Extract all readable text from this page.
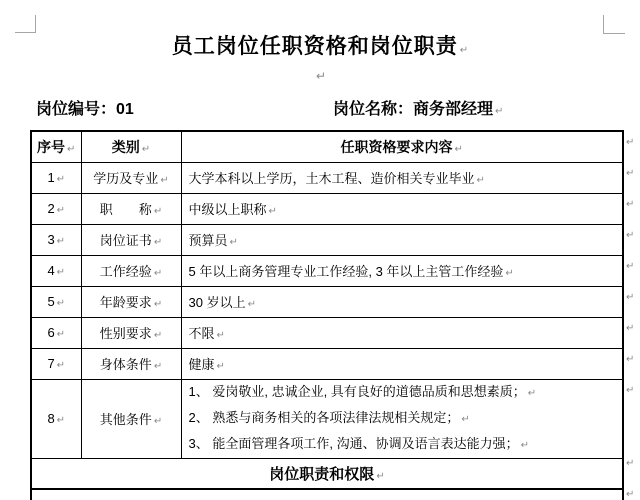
员工岗位任职资格和岗位职责 ↵
↵
岗位编号：01	岗位名称：商务部经理 ↵
序号 ↵	类别 ↵	任职资格要求内容 ↵
1 ↵	学历及专业 ↵	大学本科以上学历，土木工程、造价相关专业毕业 ↵
2 ↵	职　　称 ↵	中级以上职称 ↵
3 ↵	岗位证书 ↵	预算员 ↵
4 ↵	工作经验 ↵	5 年以上商务管理专业工作经验, 3 年以上主管工作经验 ↵
5 ↵	年龄要求 ↵	30 岁以上 ↵
6 ↵	性别要求 ↵	不限 ↵
7 ↵	身体条件 ↵	健康 ↵
8 ↵	其他条件 ↵	1、 爱岗敬业, 忠诚企业, 具有良好的道德品质和思想素质； ↵
2、 熟悉与商务相关的各项法律法规相关规定； ↵
3、 能全面管理各项工作, 沟通、协调及语言表达能力强； ↵

岗位职责和权限 ↵		

↵
↵
↵
↵
↵
↵
↵
↵
↵
↵
↵
